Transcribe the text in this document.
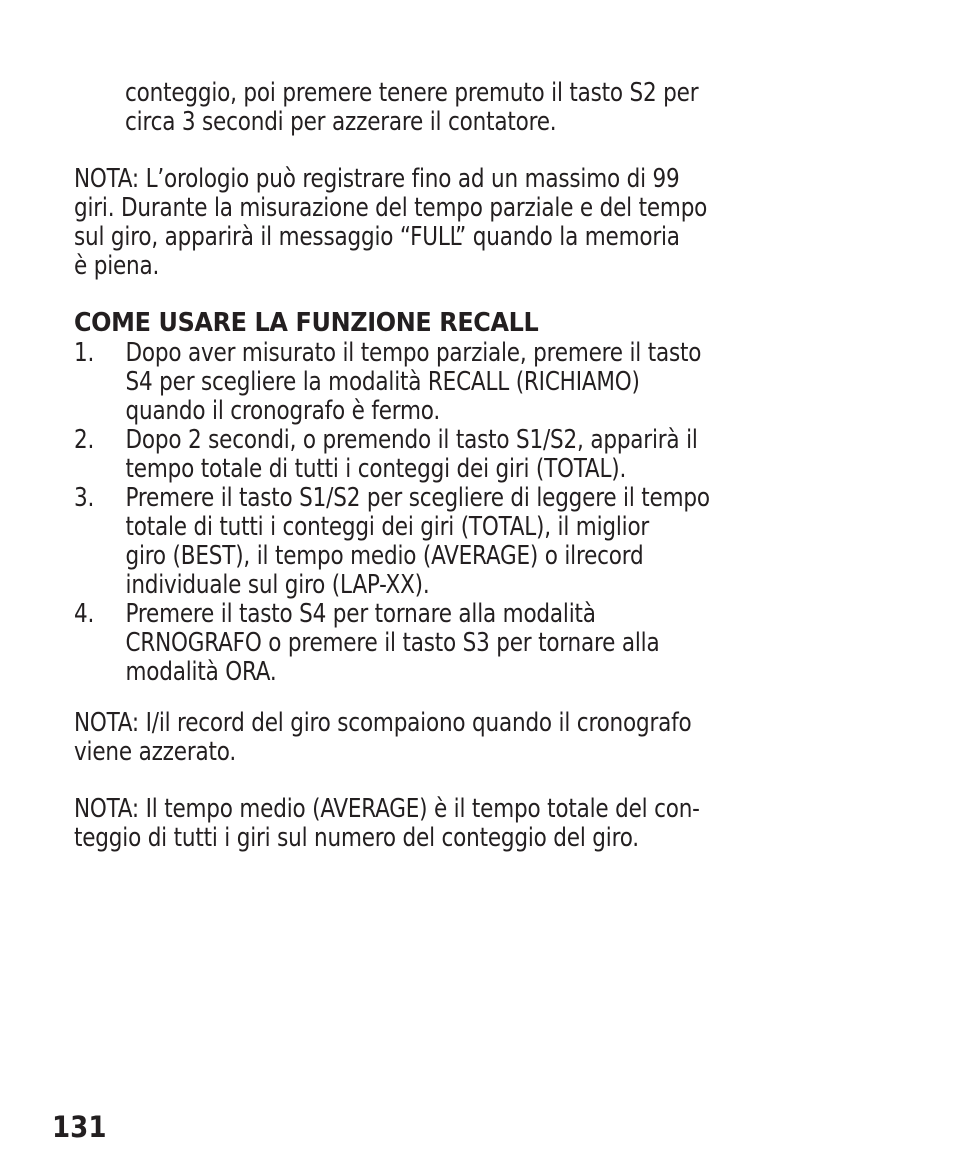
conteggio, poi premere tenere premuto il tasto S2 per
circa 3 secondi per azzerare il contatore.
NOTA: L’orologio può registrare fino ad un massimo di 99
giri. Durante la misurazione del tempo parziale e del tempo
sul giro, apparirà il messaggio “FULL” quando la memoria
è piena.
COME USARE LA FUNZIONE RECALL
1.	Dopo aver misurato il tempo parziale, premere il tasto
S4 per scegliere la modalità RECALL (RICHIAMO)
quando il cronografo è fermo.
2.	Dopo 2 secondi, o premendo il tasto S1/S2, apparirà il
tempo totale di tutti i conteggi dei giri (TOTAL).
3.	Premere il tasto S1/S2 per scegliere di leggere il tempo
totale di tutti i conteggi dei giri (TOTAL), il miglior
giro (BEST), il tempo medio (AVERAGE) o ilrecord
individuale sul giro (LAP-XX).
4.	Premere il tasto S4 per tornare alla modalità
CRNOGRAFO o premere il tasto S3 per tornare alla
modalità ORA.
NOTA: I/il record del giro scompaiono quando il cronografo
viene azzerato.
NOTA: Il tempo medio (AVERAGE) è il tempo totale del con-
teggio di tutti i giri sul numero del conteggio del giro.
131
